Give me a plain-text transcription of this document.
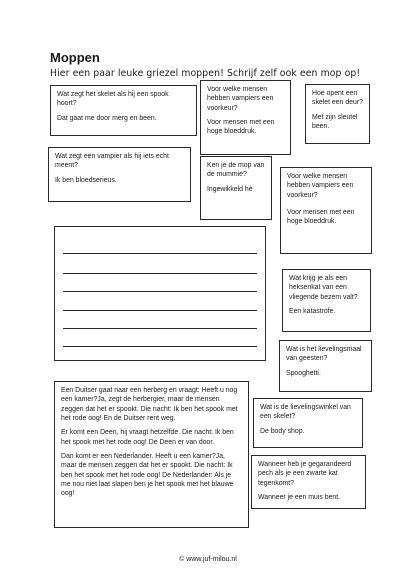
Moppen
Hier een paar leuke griezel moppen! Schrijf zelf ook een mop op!

Wat zegt het skelet als hij een spook hoort?

Dat gaat me door merg en been.

Voor welke mensen hebben vampiers een voorkeur?

Voor mensen met een hoge bloeddruk.

Hoe opent een skelet een deur?

Met zijn sleutel been.

Wat zegt een vampier als hij iets echt meent?

Ik ben bloedserieus.

Ken je de mop van de mummie?

Ingewikkeld hè

Voor welke mensen hebben vampiers een voorkeur?

Voor mensen met een hoge bloeddruk.

Wat krijg je als een heksenkat van een vliegende bezem valt?

Een katastrofe.

Wat is het lievelingsmaal van geesten?

Spooghetti.

Een Duitser gaat naar een herberg en vraagt: Heeft u nog een kamer?Ja, zegt de herbergier, maar de mensen zeggen dat het er spookt. Die nacht: Ik ben het spook met het rode oog! En de Duitser rent weg.

Er komt een Deen, hij vraagt hetzelfde. Die nacht: Ik ben het spook met het rode oog! De Deen er van door.

Dan komt er een Nederlander. Heeft u een kamer?Ja, maar de mensen zeggen dat het er spookt. Die nacht: Ik ben het spook met het rode oog! De Nederlander: Als je me nou niet laat slapen ben je het spook met het blauwe oog!

Wat is de lievelingswinkel van een skelet?

De body shop.

Wanneer heb je gegarandeerd pech als je een zwarte kat tegenkomt?

Wanneer je een muis bent.

© www.juf-milou.nl
